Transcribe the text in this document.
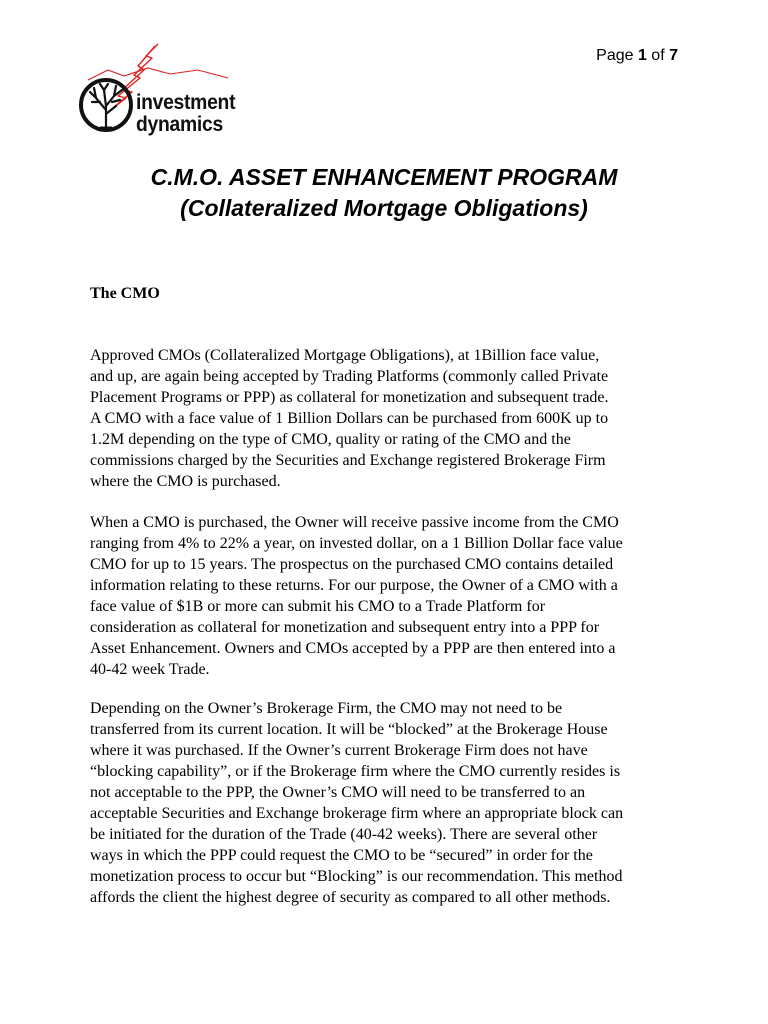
Page 1 of 7
investment
dynamics
C.M.O. ASSET ENHANCEMENT PROGRAM
(Collateralized Mortgage Obligations)
The CMO

Approved CMOs (Collateralized Mortgage Obligations), at 1Billion face value,
and up, are again being accepted by Trading Platforms (commonly called Private
Placement Programs or PPP) as collateral for monetization and subsequent trade.
A CMO with a face value of 1 Billion Dollars can be purchased from 600K up to
1.2M depending on the type of CMO, quality or rating of the CMO and the
commissions charged by the Securities and Exchange registered Brokerage Firm
where the CMO is purchased.

When a CMO is purchased, the Owner will receive passive income from the CMO
ranging from 4% to 22% a year, on invested dollar, on a 1 Billion Dollar face value
CMO for up to 15 years. The prospectus on the purchased CMO contains detailed
information relating to these returns. For our purpose, the Owner of a CMO with a
face value of $1B or more can submit his CMO to a Trade Platform for
consideration as collateral for monetization and subsequent entry into a PPP for
Asset Enhancement. Owners and CMOs accepted by a PPP are then entered into a
40-42 week Trade.

Depending on the Owner’s Brokerage Firm, the CMO may not need to be
transferred from its current location. It will be “blocked” at the Brokerage House
where it was purchased. If the Owner’s current Brokerage Firm does not have
“blocking capability”, or if the Brokerage firm where the CMO currently resides is
not acceptable to the PPP, the Owner’s CMO will need to be transferred to an
acceptable Securities and Exchange brokerage firm where an appropriate block can
be initiated for the duration of the Trade (40-42 weeks). There are several other
ways in which the PPP could request the CMO to be “secured” in order for the
monetization process to occur but “Blocking” is our recommendation. This method
affords the client the highest degree of security as compared to all other methods.
